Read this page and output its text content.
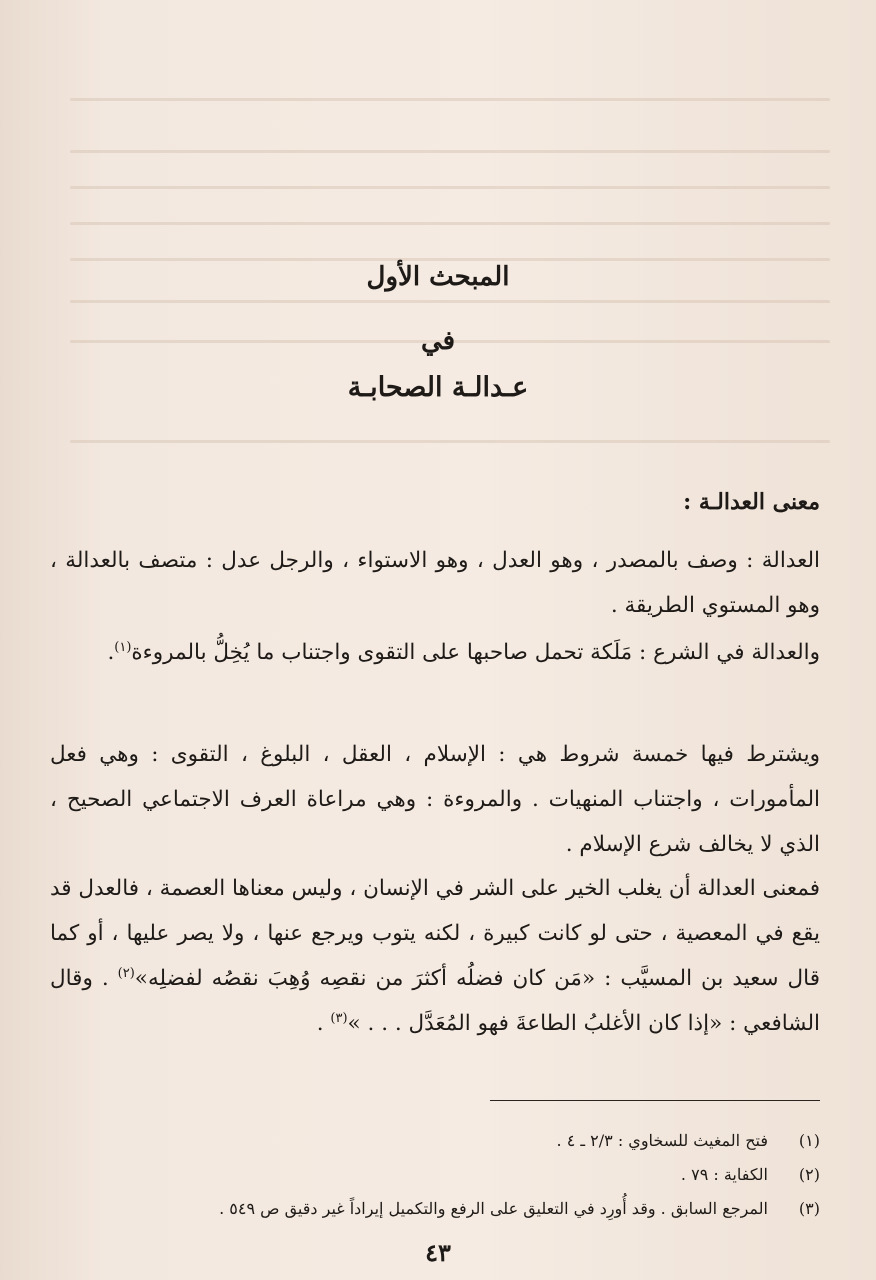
المبحث الأول
في
عـدالـة الصحابـة
معنى العدالـة :
العدالة : وصف بالمصدر ، وهو العدل ، وهو الاستواء ، والرجل عدل : متصف بالعدالة ، وهو المستوي الطريقة .
والعدالة في الشرع : مَلَكة تحمل صاحبها على التقوى واجتناب ما يُخِلُّ بالمروءة$^{(١)}$.
ويشترط فيها خمسة شروط هي : الإسلام ، العقل ، البلوغ ، التقوى : وهي فعل المأمورات ، واجتناب المنهيات . والمروءة : وهي مراعاة العرف الاجتماعي الصحيح ، الذي لا يخالف شرع الإسلام .
فمعنى العدالة أن يغلب الخير على الشر في الإنسان ، وليس معناها العصمة ، فالعدل قد يقع في المعصية ، حتى لو كانت كبيرة ، لكنه يتوب ويرجع عنها ، ولا يصر عليها ، أو كما قال سعيد بن المسيَّب : «مَن كان فضلُه أكثرَ من نقصِه وُهِبَ نقصُه لفضلِه»$^{(٢)}$ . وقال الشافعي : «إذا كان الأغلبُ الطاعةَ فهو المُعَدَّل . . . »$^{(٣)}$ .
(١)
فتح المغيث للسخاوي : ٢/٣ ـ ٤ .
(٢)
الكفاية : ٧٩ .
(٣)
المرجع السابق . وقد أُورِد في التعليق على الرفع والتكميل إيراداً غير دقيق ص ٥٤٩ .
٤٣
